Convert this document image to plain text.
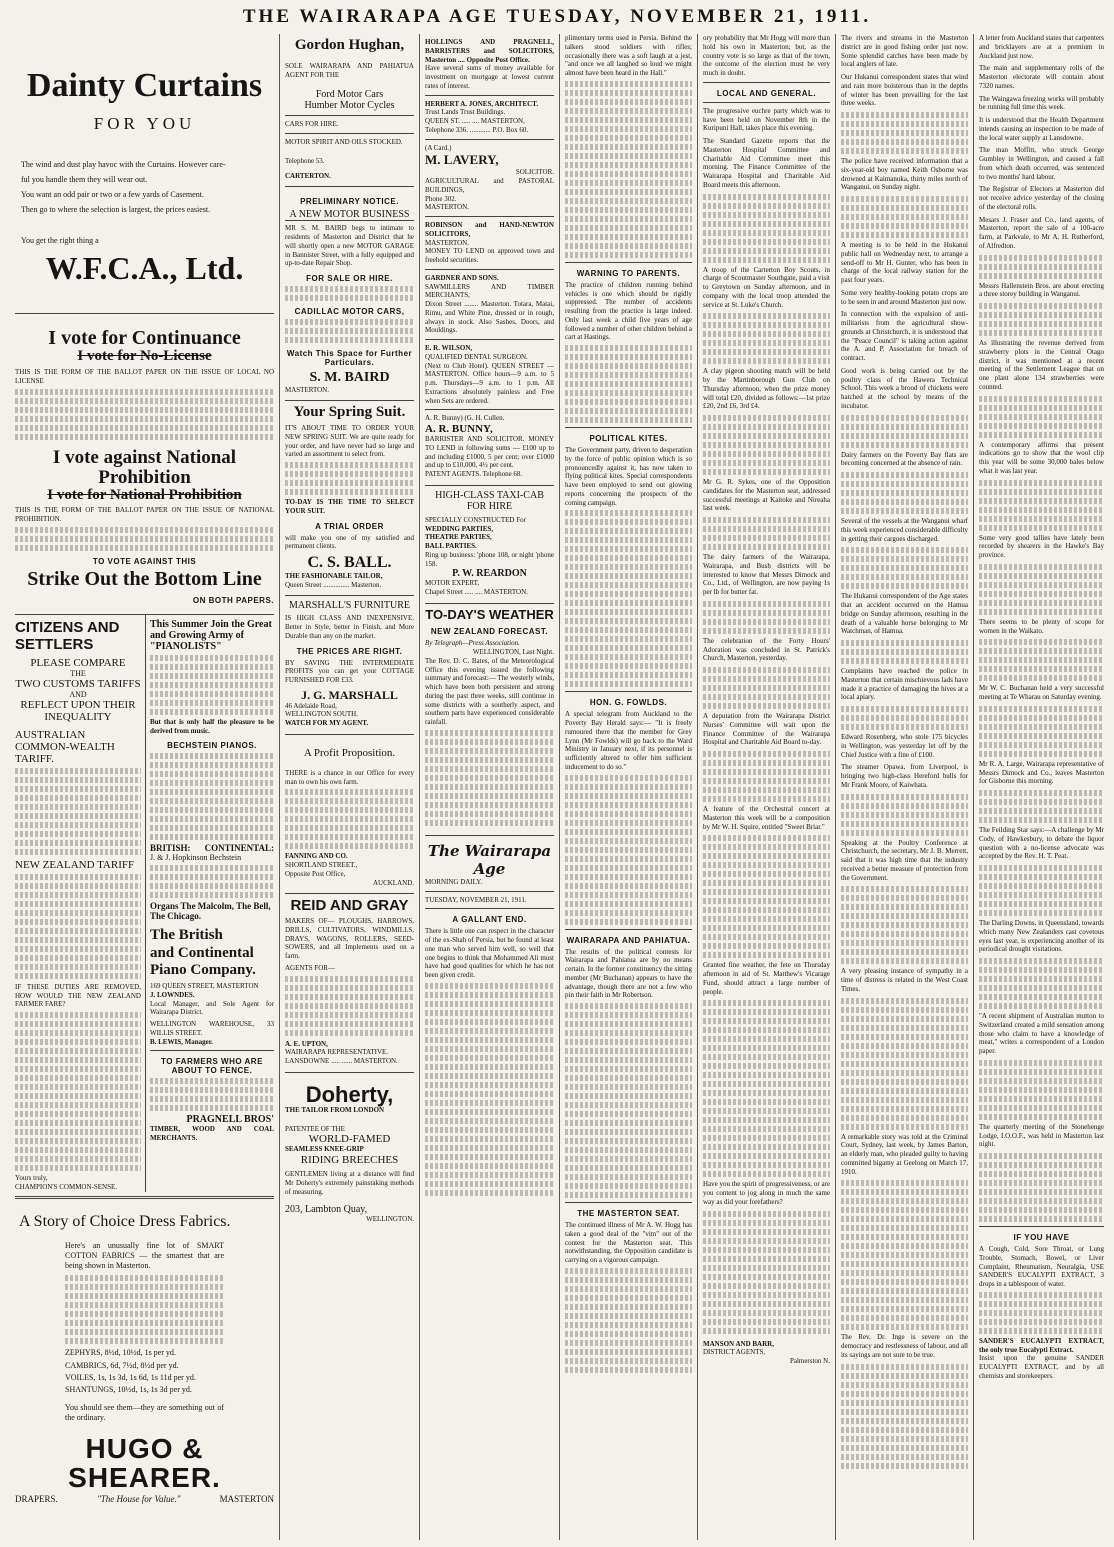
THE WAIRARAPA AGE TUESDAY, NOVEMBER 21, 1911.
Dainty Curtains
FOR YOU
The wind and dust play havoc with the Curtains. However care-
ful you handle them they will wear out.
You want an odd pair or two or a few yards of Casement.
Then go to where the selection is largest, the prices easiest.
You get the right thing a
W.F.C.A., Ltd.
I vote for Continuance
I vote for No-License
THIS IS THE FORM OF THE BALLOT PAPER ON THE ISSUE OF LOCAL NO LICENSE
I vote against National Prohibition
I vote for National Prohibition
THIS IS THE FORM OF THE BALLOT PAPER ON THE ISSUE OF NATIONAL PROHIBITION.
TO VOTE AGAINST THIS
Strike Out the Bottom Line
ON BOTH PAPERS.
CITIZENS AND SETTLERS
PLEASE COMPARE
THE
TWO CUSTOMS TARIFFS
AND
REFLECT UPON THEIR
INEQUALITY
AUSTRALIAN COMMON-WEALTH TARIFF.
NEW ZEALAND TARIFF
IF THESE DUTIES ARE REMOVED, HOW WOULD THE NEW ZEALAND FARMER FARE?
Yours truly,
CHAMPION'S COMMON-SENSE.
This Summer Join the Great and Growing Army of "PIANOLISTS"
But that is only half the pleasure to be derived from music.
BECHSTEIN PIANOS.
BRITISH: CONTINENTAL:
J. & J. Hopkinson Bechstein
Organs The Malcolm, The Bell, The Chicago.
The British
and Continental
Piano Company.
169 QUEEN STREET, MASTERTON
J. LOWNDES.
Local Manager, and Sole Agent for Wairarapa District.
WELLINGTON WAREHOUSE, 33 WILLIS STREET.
B. LEWIS, Manager.
TO FARMERS WHO ARE ABOUT TO FENCE.
PRAGNELL BROS'
TIMBER, WOOD AND COAL MERCHANTS.
A Story of Choice Dress Fabrics.
Here's an unusually fine lot of SMART COTTON FABRICS — the smartest that are being shown in Masterton.
ZEPHYRS, 8½d, 10½d, 1s per yd.
CAMBRICS, 6d, 7½d, 8½d per yd.
VOILES, 1s, 1s 3d, 1s 6d, 1s 11d per yd.
SHANTUNGS, 10½d, 1s, 1s 3d per yd.
You should see them—they are something out of the ordinary.
HUGO & SHEARER.
DRAPERS.	"The House for Value."	MASTERTON
Gordon Hughan,
SOLE WAIRARAPA AND PAHIATUA AGENT FOR THE
Ford Motor Cars
Humber Motor Cycles
CARS FOR HIRE.
MOTOR SPIRIT AND OILS STOCKED.
Telephone 53.
CARTERTON.
PRELIMINARY NOTICE.
A NEW MOTOR BUSINESS
MR S. M. BAIRD begs to intimate to residents of Masterton and District that he will shortly open a new MOTOR GARAGE in Bannister Street, with a fully equipped and up-to-date Repair Shop.
FOR SALE OR HIRE.
CADILLAC MOTOR CARS,
Watch This Space for Further Particulars.
S. M. BAIRD
MASTERTON.
Your Spring Suit.
IT'S ABOUT TIME TO ORDER YOUR NEW SPRING SUIT. We are quite ready for your order, and have never had so large and varied an assortment to select from.
TO-DAY IS THE TIME TO SELECT YOUR SUIT.
A TRIAL ORDER
will make you one of my satisfied and permanent clients.
C. S. BALL.
THE FASHIONABLE TAILOR,
Queen Street ............... Masterton.
MARSHALL'S FURNITURE
IS HIGH CLASS AND INEXPENSIVE. Better in Style, better in Finish, and More Durable than any on the market.
THE PRICES ARE RIGHT.
BY SAVING THE INTERMEDIATE PROFITS you can get your COTTAGE FURNISHED FOR £33.
J. G. MARSHALL
46 Adelaide Road,
WELLINGTON SOUTH.
WATCH FOR MY AGENT.
A Profit Proposition.
THERE is a chance in our Office for every man to own his own farm.
FANNING AND CO.
SHORTLAND STREET.,
Opposite Post Office,
AUCKLAND.
REID AND GRAY
MAKERS OF— PLOUGHS, HARROWS, DRILLS, CULTIVATORS, WINDMILLS, DRAYS, WAGONS, ROLLERS, SEED-SOWERS, and all Implements used on a farm.
AGENTS FOR—
A. E. UPTON,
WAIRARAPA REPRESENTATIVE.
LANSDOWNE ..... ...... MASTERTON.
Doherty,
THE TAILOR FROM LONDON
PATENTEE OF THE
WORLD-FAMED
SEAMLESS KNEE-GRIP
RIDING BREECHES
GENTLEMEN living at a distance will find Mr Doherty's extremely painstaking methods of measuring.
203, Lambton Quay,
WELLINGTON.
HOLLINGS AND PRAGNELL, BARRISTERS and SOLICITORS, Masterton .... Opposite Post Office.
Have several sums of money available for investment on mortgage at lowest current rates of interest.
HERBERT A. JONES, ARCHITECT.
Trust Lands Trust Buildings.
QUEEN ST. ..... .... MASTERTON,
Telephone 336. ............ P.O. Box 60.
(A Card.)
M. LAVERY,
SOLICITOR.
AGRICULTURAL and PASTORAL BUILDINGS,
Phone 302.
MASTERTON.
ROBINSON and HAND-NEWTON SOLICITORS,
MASTERTON.
MONEY TO LEND on approved town and freehold securities.
GARDNER AND SONS.
SAWMILLERS AND TIMBER MERCHANTS,
Dixon Street ........ Masterton. Totara, Matai, Rimu, and White Pine, dressed or in rough, always in stock. Also Sashes, Doors, and Mouldings.
E. R. WILSON,
QUALIFIED DENTAL SURGEON.
(Next to Club Hotel). QUEEN STREET — MASTERTON. Office hours—9 a.m. to 5 p.m. Thursdays—9 a.m. to 1 p.m. All Extractions absolutely painless and Free when Sets are ordered.
A. R. Bunny) (G. H. Cullen.
A. R. BUNNY,
BARRISTER AND SOLICITOR. MONEY TO LEND in following sums — £100 up to and including £1000, 5 per cent; over £1000 and up to £10,000, 4½ per cent.
PATENT AGENTS. Telephone 68.
HIGH-CLASS TAXI-CAB FOR HIRE
SPECIALLY CONSTRUCTED For
WEDDING PARTIES,
THEATRE PARTIES,
BALL PARTIES.
Ring up business: 'phone 108, or night 'phone 158.
P. W. REARDON
MOTOR EXPERT,
Chapel Street ..... .... MASTERTON.
TO-DAY'S WEATHER
NEW ZEALAND FORECAST.
By Telegraph—Press Association.
WELLINGTON, Last Night.
The Rev. D. C. Bates, of the Meteorological Office this evening issued the following summary and forecast:— The westerly winds, which have been both persistent and strong during the past three weeks, still continue in some districts with a southerly aspect, and southern parts have experienced considerable rainfall.
The Wairarapa Age
MORNING DAILY.
TUESDAY, NOVEMBER 21, 1911.
A GALLANT END.
There is little one can respect in the character of the ex-Shah of Persia, but he found at least one man who served him well, so well that one begins to think that Mohammed Ali must have had good qualities for which he has not been given credit.
plimentary terms used in Persia. Behind the talkers stood soldiers with rifles; occasionally there was a soft laugh at a jest, "and once we all laughed so loud we might almost have been heard in the Hall."
WARNING TO PARENTS.
The practice of children running behind vehicles is one which should be rigidly suppressed. The number of accidents resulting from the practice is large indeed. Only last week a child five years of age followed a number of other children behind a cart at Hastings.
POLITICAL KITES.
The Government party, driven to desperation by the force of public opinion which is so pronouncedly against it, has now taken to flying political kites. Special correspondents have been employed to send out glowing reports concerning the prospects of the coming campaign.
HON. G. FOWLDS.
A special telegram from Auckland to the Poverty Bay Herald says:— "It is freely rumoured there that the member for Grey Lynn (Mr Fowlds) will go back to the Ward Ministry in January next, if its personnel is sufficiently altered to offer him sufficient inducement to do so."
WAIRARAPA AND PAHIATUA.
The results of the political contests for Wairarapa and Pahiatua are by no means certain. In the former constituency the sitting member (Mr Buchanan) appears to have the advantage, though there are not a few who pin their faith in Mr Robertson.
THE MASTERTON SEAT.
The continued illness of Mr A. W. Hogg has taken a good deal of the "vim" out of the contest for the Masterton seat. This notwithstanding, the Opposition candidate is carrying on a vigorous campaign.
ory probability that Mr Hogg will more than hold his own in Masterton; but, as the country vote is so large as that of the town, the outcome of the election must be very much in doubt.
LOCAL AND GENERAL.
The progressive euchre party which was to have been held on November 8th in the Kuripuni Hall, takes place this evening.
The Standard Gazette reports that the Masterton Hospital Committee and Charitable Aid Committee meet this morning. The Finance Committee of the Wairarapa Hospital and Charitable Aid Board meets this afternoon.
A troop of the Carterton Boy Scouts, in charge of Scoutmaster Southgate, paid a visit to Greytown on Sunday afternoon, and in company with the local troop attended the service at St. Luke's Church.
A clay pigeon shooting match will be held by the Martinborough Gun Club on Thursday afternoon, when the prize money will total £20, divided as follows:—1st prize £20, 2nd £6, 3rd £4.
Mr G. R. Sykes, one of the Opposition candidates for the Masterton seat, addressed successful meetings at Kaitoke and Nireaha last week.
The dairy farmers of the Wairarapa, Wairarapa, and Bush districts will be interested to know that Messrs Dimock and Co., Ltd., of Wellington, are now paying 1s per lb for butter fat.
The celebration of the Forty Hours' Adoration was concluded in St. Patrick's Church, Masterton, yesterday.
A deputation from the Wairarapa District Nurses' Committee will wait upon the Finance Committee of the Wairarapa Hospital and Charitable Aid Board to-day.
A feature of the Orchestral concert at Masterton this week will be a composition by Mr W. H. Squire, entitled "Sweet Briar."
Granted fine weather, the fete on Thursday afternoon in aid of St. Matthew's Vicarage Fund, should attract a large number of people.
Have you the spirit of progressiveness, or are you content to jog along in much the same way as did your forefathers?
MANSON AND BARR,
DISTRICT AGENTS,
Palmerston N.
The rivers and streams in the Masterton district are in good fishing order just now. Some splendid catches have been made by local anglers of late.
Our Hukanui correspondent states that wind and rain more boisterous than in the depths of winter has been prevailing for the last three weeks.
The police have received information that a six-year-old boy named Keith Osborne was drowned at Kaimanuka, thirty miles north of Wanganui, on Sunday night.
A meeting is to be held in the Hukanui public hall on Wednesday next, to arrange a send-off to Mr H. Gunter, who has been in charge of the local railway station for the past four years.
Some very healthy-looking potato crops are to be seen in and around Masterton just now.
In connection with the expulsion of anti-militarists from the agricultural show-grounds at Christchurch, it is understood that the "Peace Council" is taking action against the A. and P. Association for breach of contract.
Good work is being carried out by the poultry class of the Hawera Technical School. This week a brood of chickens were hatched at the school by means of the incubator.
Dairy farmers on the Poverty Bay flats are becoming concerned at the absence of rain.
Several of the vessels at the Wanganui wharf this week experienced considerable difficulty in getting their cargoes discharged.
The Hukanui correspondent of the Age states that an accident occurred on the Hamua bridge on Sunday afternoon, resulting in the death of a valuable horse belonging to Mr Watchman, of Hamua.
Complaints have reached the police in Masterton that certain mischievous lads have made it a practice of damaging the hives at a local apiary.
Edward Rosenberg, who stole 175 bicycles in Wellington, was yesterday let off by the Chief Justice with a fine of £100.
The steamer Opawa, from Liverpool, is bringing two high-class Hereford bulls for Mr Frank Moore, of Kaiwhata.
Speaking at the Poultry Conference at Christchurch, the secretary, Mr J. B. Merrett, said that it was high time that the industry received a better measure of protection from the Government.
A very pleasing instance of sympathy in a time of distress is related in the West Coast Times.
A remarkable story was told at the Criminal Court, Sydney, last week, by James Barton, an elderly man, who pleaded guilty to having committed bigamy at Geelong on March 17, 1910.
The Rev. Dr. Inge is severe on the democracy and restlessness of labour, and all its sayings are not sure to be true.
A letter from Auckland states that carpenters and bricklayers are at a premium in Auckland just now.
The main and supplementary rolls of the Masterton electorate will contain about 7320 names.
The Waingawa freezing works will probably be running full time this week.
It is understood that the Health Department intends causing an inspection to be made of the local water supply at Lansdowne.
The man Moffitt, who struck George Gumbley in Wellington, and caused a fall from which death occurred, was sentenced to two months' hard labour.
The Registrar of Electors at Masterton did not receive advice yesterday of the closing of the electoral rolls.
Mesars J. Fraser and Co., land agents, of Masterton, report the sale of a 100-acre farm, at Parkvale, to Mr A. H. Rutherford, of Alfredton.
Messrs Hallenstein Bros. are about erecting a three storey building in Wanganui.
As illustrating the revenue derived from strawberry plots in the Central Otago district, it was mentioned at a recent meeting of the Settlement League that on one plant alone 134 strawberries were counted.
A contemporary affirms that present indications go to show that the wool clip this year will be some 30,000 bales below what it was last year.
Some very good tallies have lately been recorded by shearers in the Hawke's Bay province.
There seems to be plenty of scope for women in the Waikato.
Mr W. C. Buchanan held a very successful meeting at Te Wharau on Saturday evening.
Mr R. A. Large, Wairarapa representative of Messrs Dimock and Co., leaves Masterton for Gisborne this morning.
The Feilding Star says:—A challenge by Mr Cody, of Hawkesbury, to debate the liquor question with a no-license advocate was accepted by the Rev. H. T. Peat.
The Darling Downs, in Queensland, towards which many New Zealanders cast covetous eyes last year, is experiencing another of its periodical drought visitations.
"A recent shipment of Australian mutton to Switzerland created a mild sensation among those who claim to have a knowledge of meat," writes a correspondent of a London paper.
The quarterly meeting of the Stonehenge Lodge, I.O.O.F., was held in Masterton last night.
IF YOU HAVE
A Cough, Cold, Sore Throat, or Lung Trouble, Stomach, Bowel, or Liver Complaint, Rheumatism, Neuralgia, USE SANDER'S EUCALYPTI EXTRACT, 3 drops in a tablespoon of water.
SANDER'S EUCALYPTI EXTRACT, the only true Eucalypti Extract.
Insist upon the genuine SANDER EUCALYPTI EXTRACT, and by all chemists and storekeepers.
